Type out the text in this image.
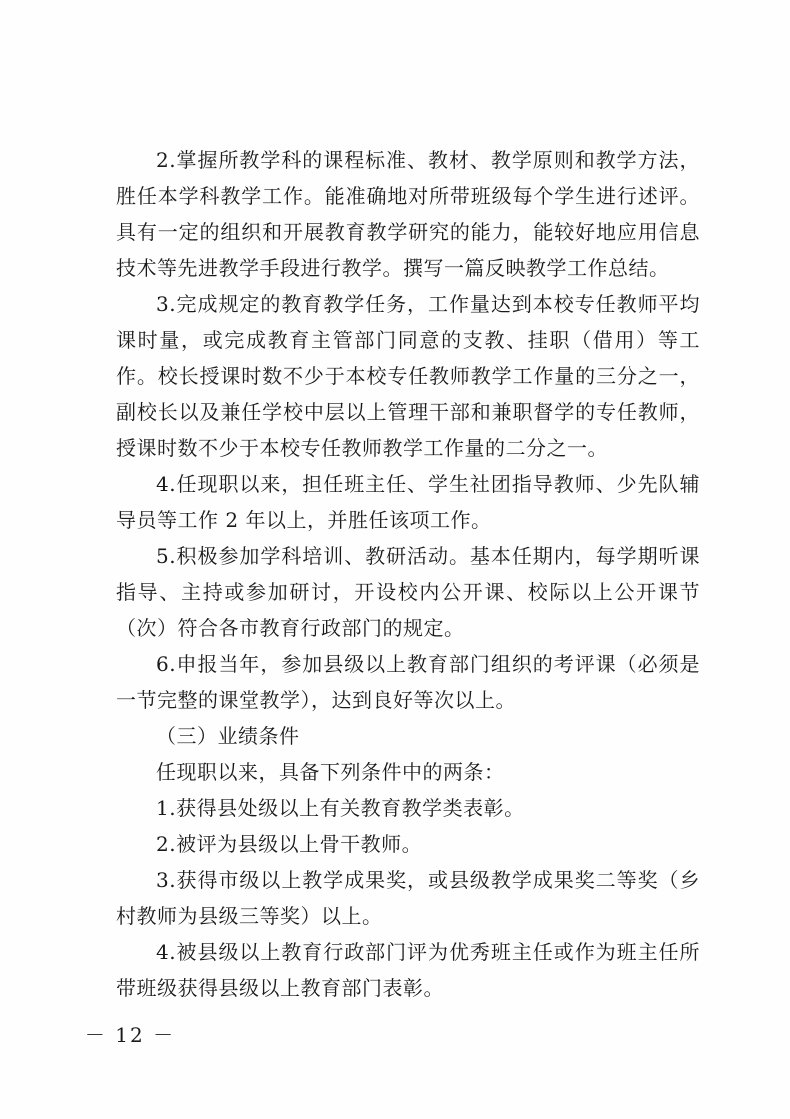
2.掌握所教学科的课程标准、教材、教学原则和教学方法，胜任本学科教学工作。能准确地对所带班级每个学生进行述评。具有一定的组织和开展教育教学研究的能力，能较好地应用信息技术等先进教学手段进行教学。撰写一篇反映教学工作总结。

3.完成规定的教育教学任务，工作量达到本校专任教师平均课时量，或完成教育主管部门同意的支教、挂职（借用）等工作。校长授课时数不少于本校专任教师教学工作量的三分之一，副校长以及兼任学校中层以上管理干部和兼职督学的专任教师，授课时数不少于本校专任教师教学工作量的二分之一。

4.任现职以来，担任班主任、学生社团指导教师、少先队辅导员等工作 2 年以上，并胜任该项工作。

5.积极参加学科培训、教研活动。基本任期内，每学期听课指导、主持或参加研讨，开设校内公开课、校际以上公开课节（次）符合各市教育行政部门的规定。

6.申报当年，参加县级以上教育部门组织的考评课（必须是一节完整的课堂教学），达到良好等次以上。

（三）业绩条件

任现职以来，具备下列条件中的两条：

1.获得县处级以上有关教育教学类表彰。

2.被评为县级以上骨干教师。

3.获得市级以上教学成果奖，或县级教学成果奖二等奖（乡村教师为县级三等奖）以上。

4.被县级以上教育行政部门评为优秀班主任或作为班主任所带班级获得县级以上教育部门表彰。

－ 12 －
